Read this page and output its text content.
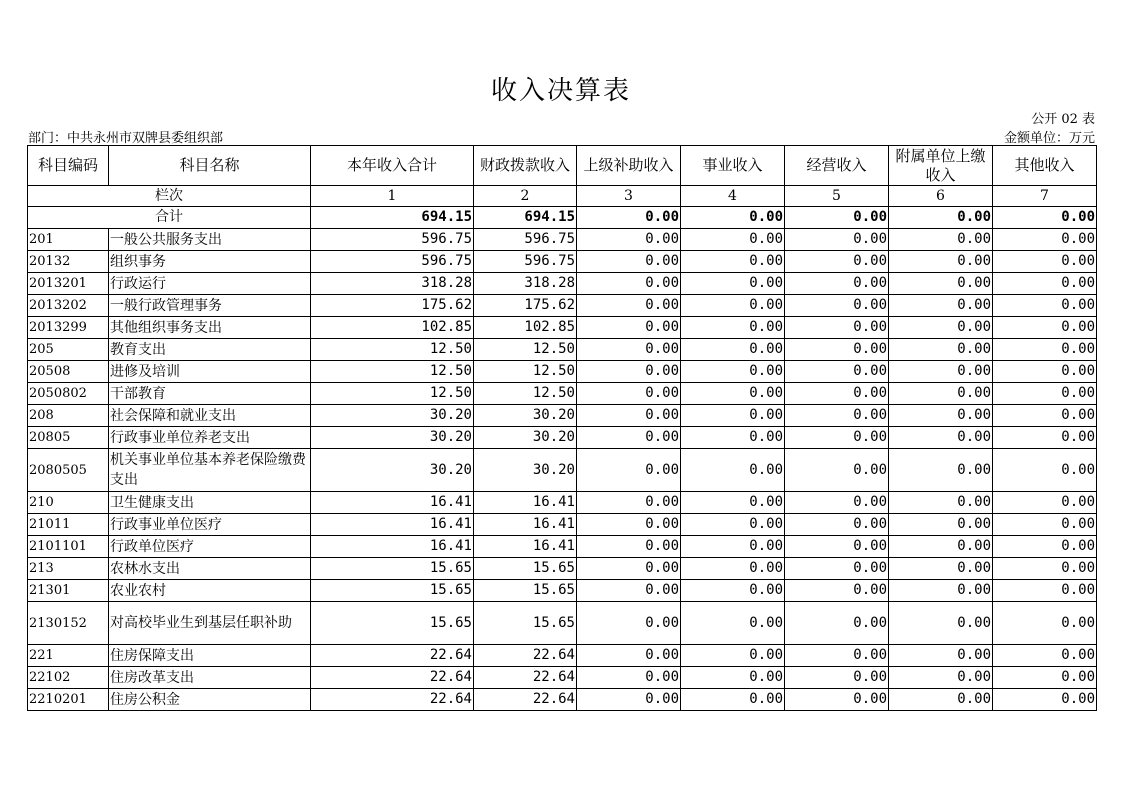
收入决算表
公开 02 表
部门：中共永州市双牌县委组织部	金额单位：万元
科目编码	科目名称	本年收入合计	财政拨款收入	上级补助收入	事业收入	经营收入	附属单位上缴收入	其他收入
栏次		1	2	3	4	5	6	7
合计		694.15	694.15	0.00	0.00	0.00	0.00	0.00
201	一般公共服务支出	596.75	596.75	0.00	0.00	0.00	0.00	0.00
20132	组织事务	596.75	596.75	0.00	0.00	0.00	0.00	0.00
2013201	行政运行	318.28	318.28	0.00	0.00	0.00	0.00	0.00
2013202	一般行政管理事务	175.62	175.62	0.00	0.00	0.00	0.00	0.00
2013299	其他组织事务支出	102.85	102.85	0.00	0.00	0.00	0.00	0.00
205	教育支出	12.50	12.50	0.00	0.00	0.00	0.00	0.00
20508	进修及培训	12.50	12.50	0.00	0.00	0.00	0.00	0.00
2050802	干部教育	12.50	12.50	0.00	0.00	0.00	0.00	0.00
208	社会保障和就业支出	30.20	30.20	0.00	0.00	0.00	0.00	0.00
20805	行政事业单位养老支出	30.20	30.20	0.00	0.00	0.00	0.00	0.00
2080505	机关事业单位基本养老保险缴费支出	30.20	30.20	0.00	0.00	0.00	0.00	0.00
210	卫生健康支出	16.41	16.41	0.00	0.00	0.00	0.00	0.00
21011	行政事业单位医疗	16.41	16.41	0.00	0.00	0.00	0.00	0.00
2101101	行政单位医疗	16.41	16.41	0.00	0.00	0.00	0.00	0.00
213	农林水支出	15.65	15.65	0.00	0.00	0.00	0.00	0.00
21301	农业农村	15.65	15.65	0.00	0.00	0.00	0.00	0.00
2130152	对高校毕业生到基层任职补助	15.65	15.65	0.00	0.00	0.00	0.00	0.00
221	住房保障支出	22.64	22.64	0.00	0.00	0.00	0.00	0.00
22102	住房改革支出	22.64	22.64	0.00	0.00	0.00	0.00	0.00
2210201	住房公积金	22.64	22.64	0.00	0.00	0.00	0.00	0.00
